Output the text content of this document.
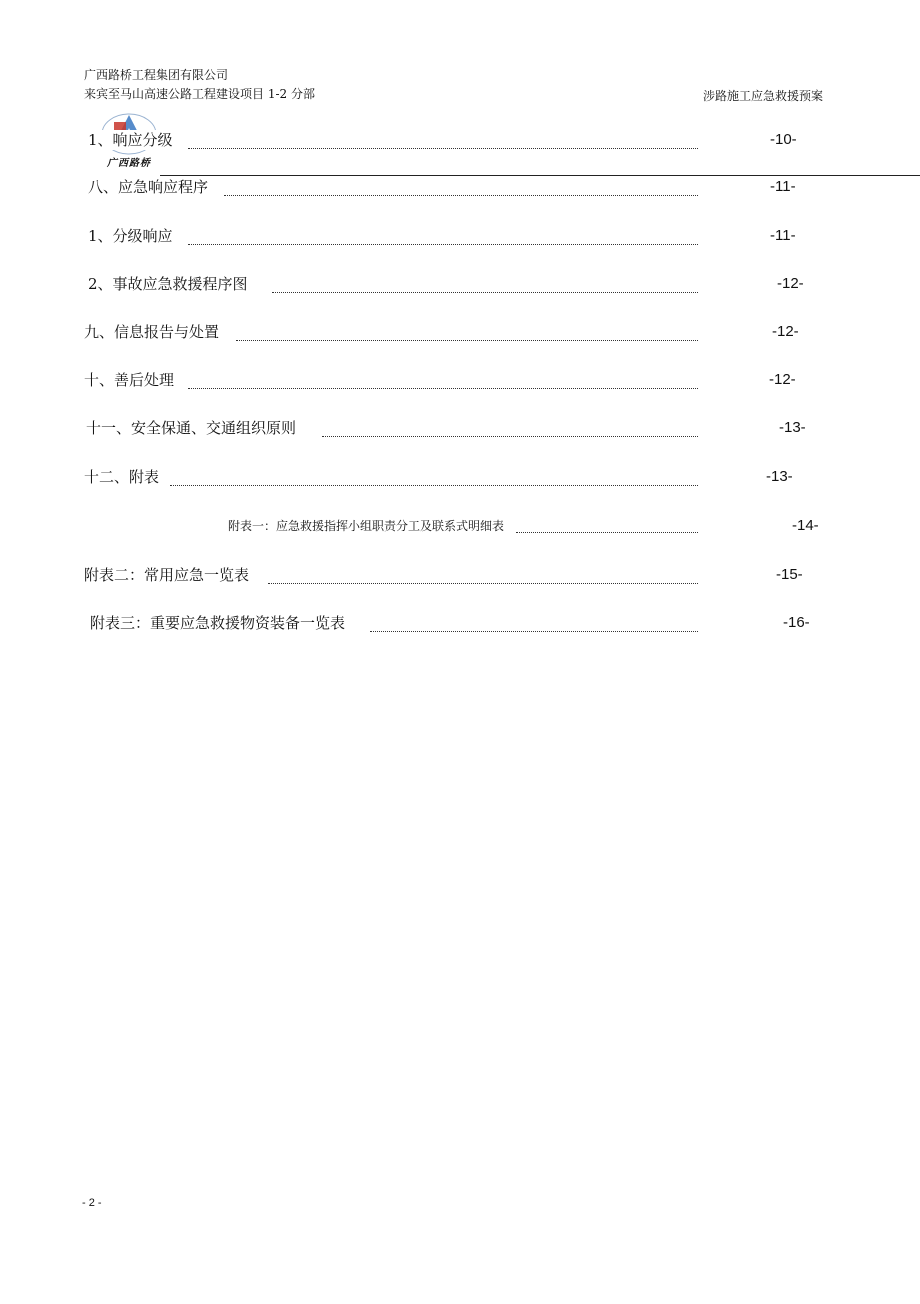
广西路桥工程集团有限公司
来宾至马山高速公路工程建设项目 1-2 分部	涉路施工应急救援预案
广西路桥
1、响应分级	-10-
八、应急响应程序	-11-
1、分级响应	-11-
2、事故应急救援程序图	-12-
九、信息报告与处置	-12-
十、善后处理	-12-
十一、安全保通、交通组织原则	-13-
十二、附表	-13-
附表一：应急救援指挥小组职责分工及联系式明细表	-14-
附表二：常用应急一览表	-15-
附表三：重要应急救援物资装备一览表	-16-
- 2 -
